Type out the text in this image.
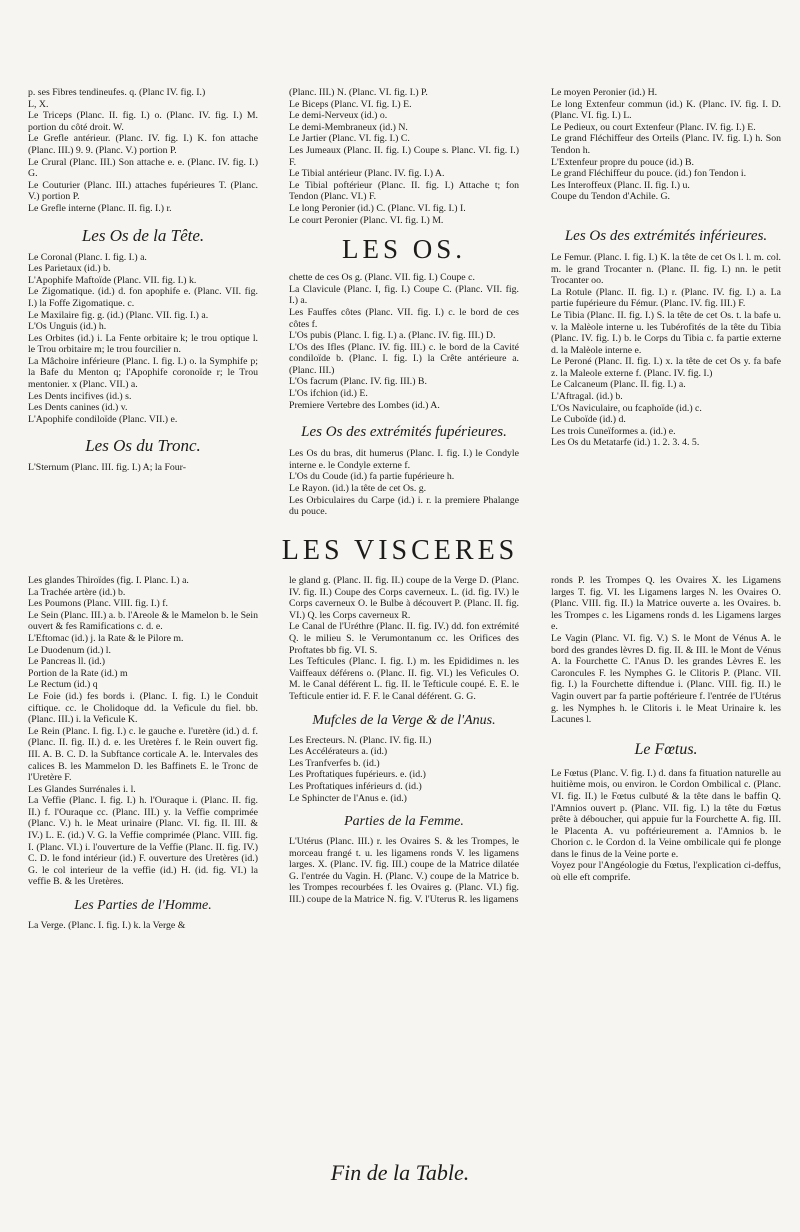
p. ses Fibres tendineufes. q. (Planc IV. fig. I.)

L, X.

Le Triceps (Planc. II. fig. I.) o. (Planc. IV. fig. I.) M. portion du côté droit. W.

Le Grefle antérieur. (Planc. IV. fig. I.) K. fon attache (Planc. III.) 9. 9. (Planc. V.) portion P.

Le Crural (Planc. III.) Son attache e. e. (Planc. IV. fig. I.) G.

Le Couturier (Planc. III.) attaches fupérieures T. (Planc. V.) portion P.

Le Grefle interne (Planc. II. fig. I.) r.

Les Os de la Tête.

Le Coronal (Planc. I. fig. I.) a.

Les Parietaux (id.) b.

L'Apophife Maftoïde (Planc. VII. fig. I.) k.

Le Zigomatique. (id.) d. fon apophife e. (Planc. VII. fig. I.) la Foffe Zigomatique. c.

Le Maxilaire fig. g. (id.) (Planc. VII. fig. I.) a.

L'Os Unguis (id.) h.

Les Orbites (id.) i. La Fente orbitaire k; le trou optique l. le Trou orbitaire m; le trou fourcilier n.

La Mâchoire inférieure (Planc. I. fig. I.) o. la Symphife p; la Bafe du Menton q; l'Apophife coronoïde r; le Trou mentonier. x (Planc. VII.) a.

Les Dents incifives (id.) s.

Les Dents canines (id.) v.

L'Apophife condiloïde (Planc. VII.) e.

Les Os du Tronc.

L'Sternum (Planc. III. fig. I.) A; la Four-

(Planc. III.) N. (Planc. VI. fig. I.) P.

Le Biceps (Planc. VI. fig. I.) E.

Le demi-Nerveux (id.) o.

Le demi-Membraneux (id.) N.

Le Jartier (Planc. VI. fig. I.) C.

Les Jumeaux (Planc. II. fig. I.) Coupe s. Planc. VI. fig. I.) F.

Le Tibial antérieur (Planc. IV. fig. I.) A.

Le Tibial poftérieur (Planc. II. fig. I.) Attache t; fon Tendon (Planc. VI.) F.

Le long Peronier (id.) C. (Planc. VI. fig. I.) I.

Le court Peronier (Planc. VI. fig. I.) M.

LES OS.

chette de ces Os g. (Planc. VII. fig. I.) Coupe c.

La Clavicule (Planc. I, fig. I.) Coupe C. (Planc. VII. fig. I.) a.

Les Fauffes côtes (Planc. VII. fig. I.) c. le bord de ces côtes f.

L'Os pubis (Planc. I. fig. I.) a. (Planc. IV. fig. III.) D.

L'Os des Ifles (Planc. IV. fig. III.) c. le bord de la Cavité condiloïde b. (Planc. I. fig. I.) la Crête antérieure a. (Planc. III.)

L'Os facrum (Planc. IV. fig. III.) B.

L'Os ifchion (id.) E.

Premiere Vertebre des Lombes (id.) A.

Les Os des extrémités fupérieures.

Les Os du bras, dit humerus (Planc. I. fig. I.) le Condyle interne e. le Condyle externe f.

L'Os du Coude (id.) fa partie fupérieure h.

Le Rayon. (id.) la tête de cet Os. g.

Les Orbiculaires du Carpe (id.) i. r. la premiere Phalange du pouce.

Le moyen Peronier (id.) H.

Le long Extenfeur commun (id.) K. (Planc. IV. fig. I. D. (Planc. VI. fig. I.) L.

Le Pedieux, ou court Extenfeur (Planc. IV. fig. I.) E.

Le grand Fléchiffeur des Orteils (Planc. IV. fig. I.) h. Son Tendon h.

L'Extenfeur propre du pouce (id.) B.

Le grand Fléchiffeur du pouce. (id.) fon Tendon i.

Les Interoffeux (Planc. II. fig. I.) u.

Coupe du Tendon d'Achile. G.

Les Os des extrémités inférieures.

Le Femur. (Planc. I. fig. I.) K. la tête de cet Os l. l. m. col. m. le grand Trocanter n. (Planc. II. fig. I.) nn. le petit Trocanter oo.

La Rotule (Planc. II. fig. I.) r. (Planc. IV. fig. I.) a. La partie fupérieure du Fémur. (Planc. IV. fig. III.) F.

Le Tibia (Planc. II. fig. I.) S. la tête de cet Os. t. la bafe u. v. la Malèole interne u. les Tubérofités de la tête du Tibia (Planc. IV. fig. I.) b. le Corps du Tibia c. fa partie externe d. la Malèole interne e.

Le Peroné (Planc. II. fig. I.) x. la tête de cet Os y. fa bafe z. la Maleole externe f. (Planc. IV. fig. I.)

Le Calcaneum (Planc. II. fig. I.) a.

L'Aftragal. (id.) b.

L'Os Naviculaire, ou fcaphoïde (id.) c.

Le Cuboïde (id.) d.

Les trois Cuneïformes a. (id.) e.

Les Os du Metatarfe (id.) 1. 2. 3. 4. 5.

LES VISCERES

Les glandes Thiroïdes (fig. I. Planc. I.) a.

La Trachée artère (id.) b.

Les Poumons (Planc. VIII. fig. I.) f.

Le Sein (Planc. III.) a. b. l'Areole & le Mamelon b. le Sein ouvert & fes Ramifications c. d. e.

L'Eftomac (id.) j. la Rate & le Pilore m.

Le Duodenum (id.) l.

Le Pancreas ll. (id.)

Portion de la Rate (id.) m

Le Rectum (id.) q

Le Foie (id.) fes bords i. (Planc. I. fig. I.) le Conduit ciftique. cc. le Cholidoque dd. la Veficule du fiel. bb. (Planc. III.) i. la Veficule K.

Le Rein (Planc. I. fig. I.) c. le gauche e. l'uretère (id.) d. f. (Planc. II. fig. II.) d. e. les Uretères f. le Rein ouvert fig. III. A. B. C. D. la Subftance corticale A. le. Intervales des calices B. les Mammelon D. les Baffinets E. le Tronc de l'Uretère F.

Les Glandes Surrénales i. l.

La Veffie (Planc. I. fig. I.) h. l'Ouraque i. (Planc. II. fig. II.) f. l'Ouraque cc. (Planc. III.) y. la Veffie comprimée (Planc. V.) h. le Meat urinaire (Planc. VI. fig. II. III. & IV.) L. E. (id.) V. G. la Veffie comprimée (Planc. VIII. fig. I. (Planc. VI.) i. l'ouverture de la Veffie (Planc. II. fig. IV.) C. D. le fond intérieur (id.) F. ouverture des Uretères (id.) G. le col interieur de la veffie (id.) H. (id. fig. VI.) la veffie B. & les Uretères.

Les Parties de l'Homme.

La Verge. (Planc. I. fig. I.) k. la Verge &

le gland g. (Planc. II. fig. II.) coupe de la Verge D. (Planc. IV. fig. II.) Coupe des Corps caverneux. L. (id. fig. IV.) le Corps caverneux O. le Bulbe à découvert P. (Planc. II. fig. VI.) Q. les Corps caverneux R.

Le Canal de l'Uréthre (Planc. II. fig. IV.) dd. fon extrémité Q. le milieu S. le Verumontanum cc. les Orifices des Proftates bb fig. VI. S.

Les Tefticules (Planc. I. fig. I.) m. les Epididimes n. les Vaiffeaux déférens o. (Planc. II. fig. VI.) les Veficules O. M. le Canal déférent L. fig. II. le Tefticule coupé. E. E. le Tefticule entier id. F. F. le Canal déférent. G. G.

Mufcles de la Verge & de l'Anus.

Les Erecteurs. N. (Planc. IV. fig. II.)

Les Accélérateurs a. (id.)

Les Tranfverfes b. (id.)

Les Proftatiques fupérieurs. e. (id.)

Les Proftatiques inférieurs d. (id.)

Le Sphincter de l'Anus e. (id.)

Parties de la Femme.

L'Utérus (Planc. III.) r. les Ovaires S. & les Trompes, le morceau frangé t. u. les ligamens ronds V. les ligamens larges. X. (Planc. IV. fig. III.) coupe de la Matrice dilatée G. l'entrée du Vagin. H. (Planc. V.) coupe de la Matrice b. les Trompes recourbées f. les Ovaires g. (Planc. VI.) fig. III.) coupe de la Matrice N. fig. V. l'Uterus R. les ligamens

ronds P. les Trompes Q. les Ovaires X. les Ligamens larges T. fig. VI. les Ligamens larges N. les Ovaires O. (Planc. VIII. fig. II.) la Matrice ouverte a. les Ovaires. b. les Trompes c. les Ligamens ronds d. les Ligamens larges e.

Le Vagin (Planc. VI. fig. V.) S. le Mont de Vénus A. le bord des grandes lèvres D. fig. II. & III. le Mont de Vénus A. la Fourchette C. l'Anus D. les grandes Lèvres E. les Caroncules F. les Nymphes G. le Clitoris P. (Planc. VII. fig. I.) la Fourchette diftendue i. (Planc. VIII. fig. II.) le Vagin ouvert par fa partie poftérieure f. l'entrée de l'Utérus g. les Nymphes h. le Clitoris i. le Meat Urinaire k. les Lacunes l.

Le Fœtus.

Le Fœtus (Planc. V. fig. I.) d. dans fa fituation naturelle au huitième mois, ou environ. le Cordon Ombilical c. (Planc. VI. fig. II.) le Fœtus culbuté & la tête dans le baffin Q. l'Amnios ouvert p. (Planc. VII. fig. I.) la tête du Fœtus prête à déboucher, qui appuie fur la Fourchette A. fig. III. le Placenta A. vu poftérieurement a. l'Amnios b. le Chorion c. le Cordon d. la Veine ombilicale qui fe plonge dans le finus de la Veine porte e.

Voyez pour l'Angéologie du Fœtus, l'explication ci-deffus, où elle eft comprife.

Fin de la Table.
